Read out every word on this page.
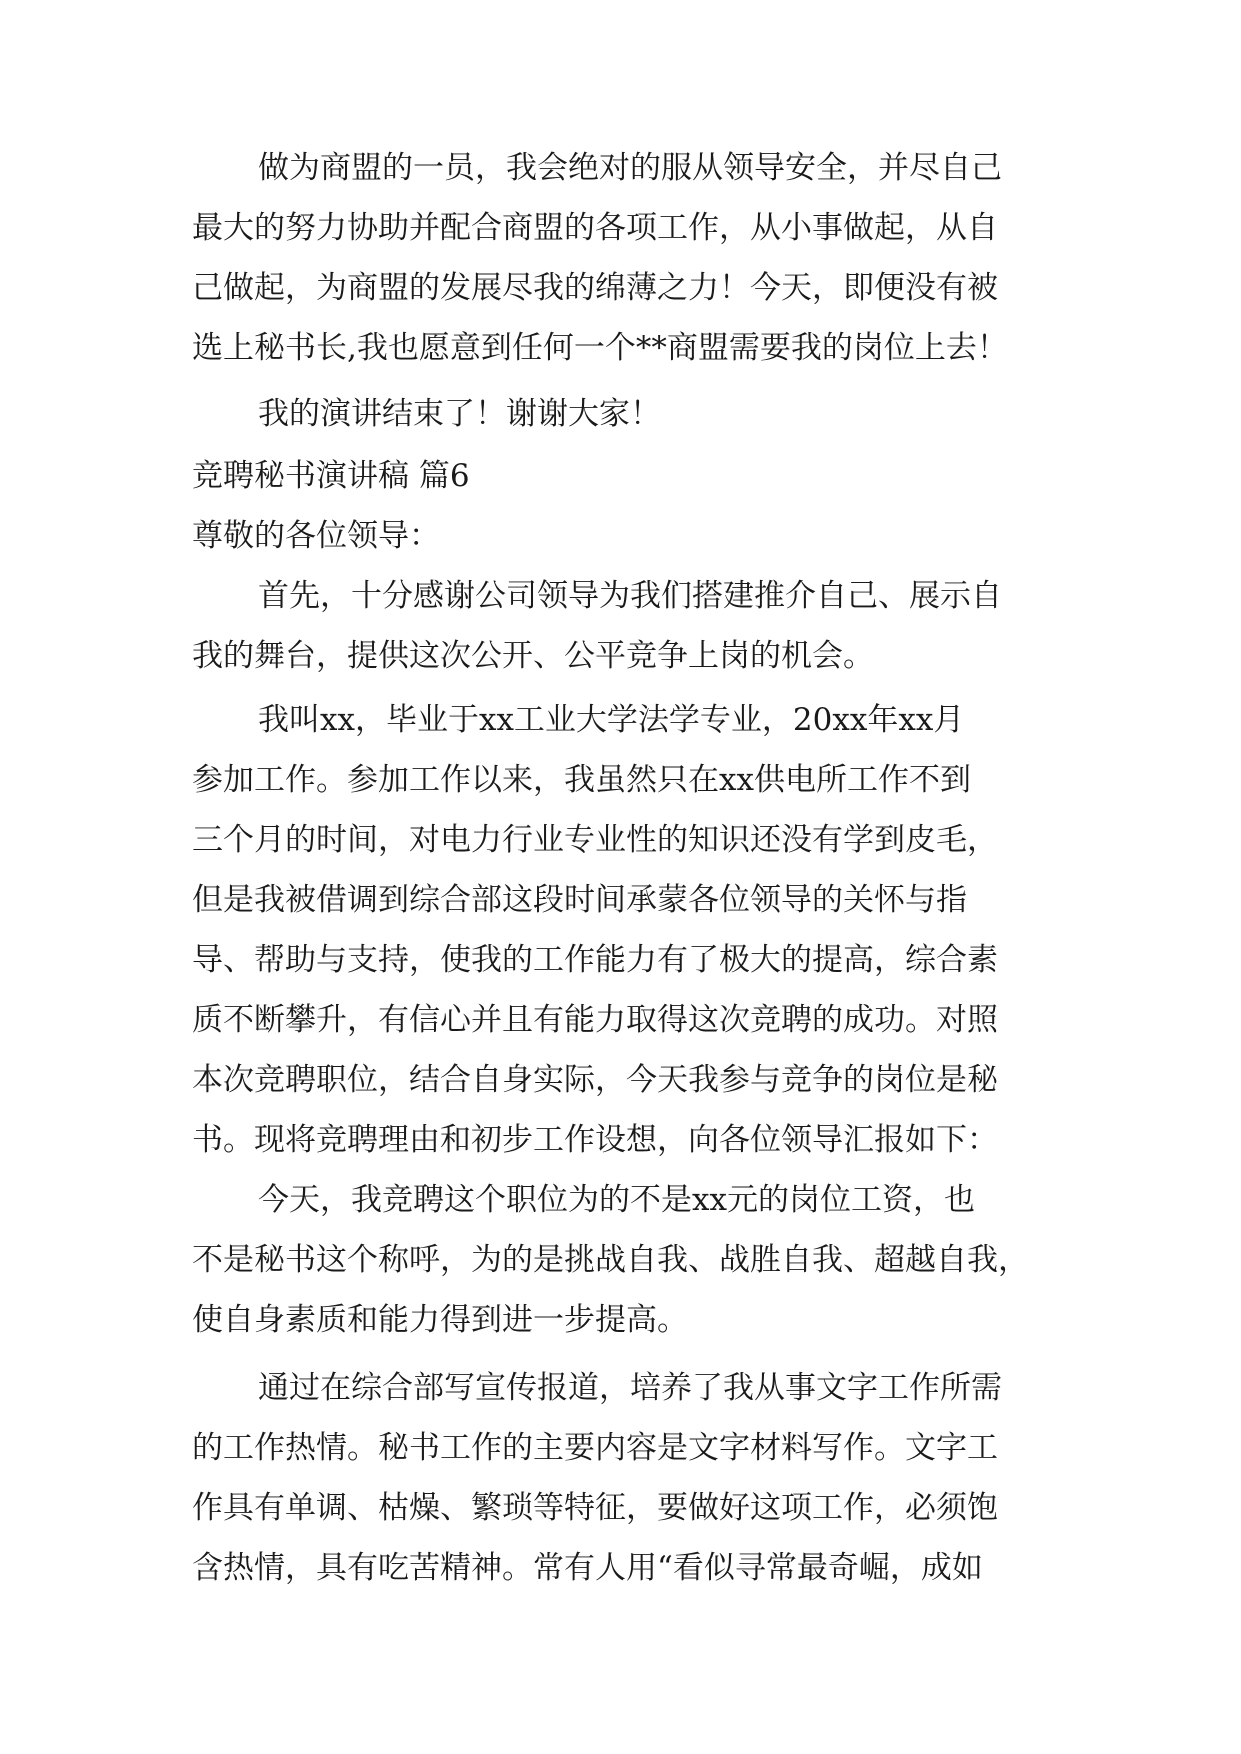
做为商盟的一员，我会绝对的服从领导安全，并尽自己
最大的努力协助并配合商盟的各项工作，从小事做起，从自
己做起，为商盟的发展尽我的绵薄之力！今天，即便没有被
选上秘书长,我也愿意到任何一个**商盟需要我的岗位上去！
我的演讲结束了！谢谢大家！
竞聘秘书演讲稿 篇6
尊敬的各位领导：
首先，十分感谢公司领导为我们搭建推介自己、展示自
我的舞台，提供这次公开、公平竞争上岗的机会。
我叫xx，毕业于xx工业大学法学专业，20xx年xx月
参加工作。参加工作以来，我虽然只在xx供电所工作不到
三个月的时间，对电力行业专业性的知识还没有学到皮毛，
但是我被借调到综合部这段时间承蒙各位领导的关怀与指
导、帮助与支持，使我的工作能力有了极大的提高，综合素
质不断攀升，有信心并且有能力取得这次竞聘的成功。对照
本次竞聘职位，结合自身实际，今天我参与竞争的岗位是秘
书。现将竞聘理由和初步工作设想，向各位领导汇报如下：
今天，我竞聘这个职位为的不是xx元的岗位工资，也
不是秘书这个称呼，为的是挑战自我、战胜自我、超越自我，
使自身素质和能力得到进一步提高。
通过在综合部写宣传报道，培养了我从事文字工作所需
的工作热情。秘书工作的主要内容是文字材料写作。文字工
作具有单调、枯燥、繁琐等特征，要做好这项工作，必须饱
含热情，具有吃苦精神。常有人用“看似寻常最奇崛，成如
